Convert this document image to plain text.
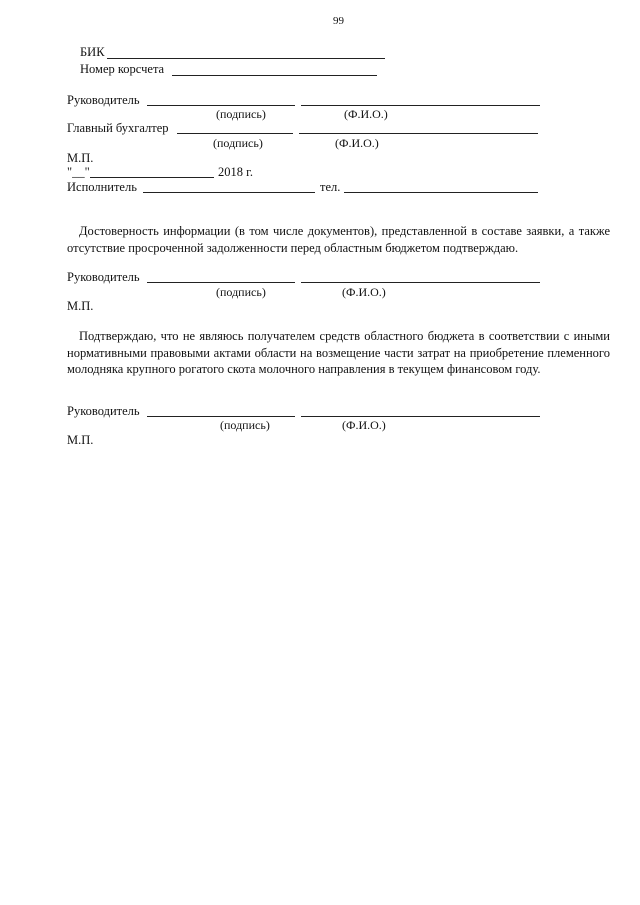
99
БИК
Номер корсчета
Руководитель
(подпись)	(Ф.И.О.)
Главный бухгалтер
(подпись)	(Ф.И.О.)
М.П.
"__"	2018 г.
Исполнитель	тел.
Достоверность информации (в том числе документов), представленной в составе заявки, а также отсутствие просроченной задолженности перед областным бюджетом подтверждаю.
Руководитель
(подпись)	(Ф.И.О.)
М.П.
Подтверждаю, что не являюсь получателем средств областного бюджета в соответствии с иными нормативными правовыми актами области на возмещение части затрат на приобретение племенного молодняка крупного рогатого скота молочного направления в текущем финансовом году.
Руководитель
(подпись)	(Ф.И.О.)
М.П.
